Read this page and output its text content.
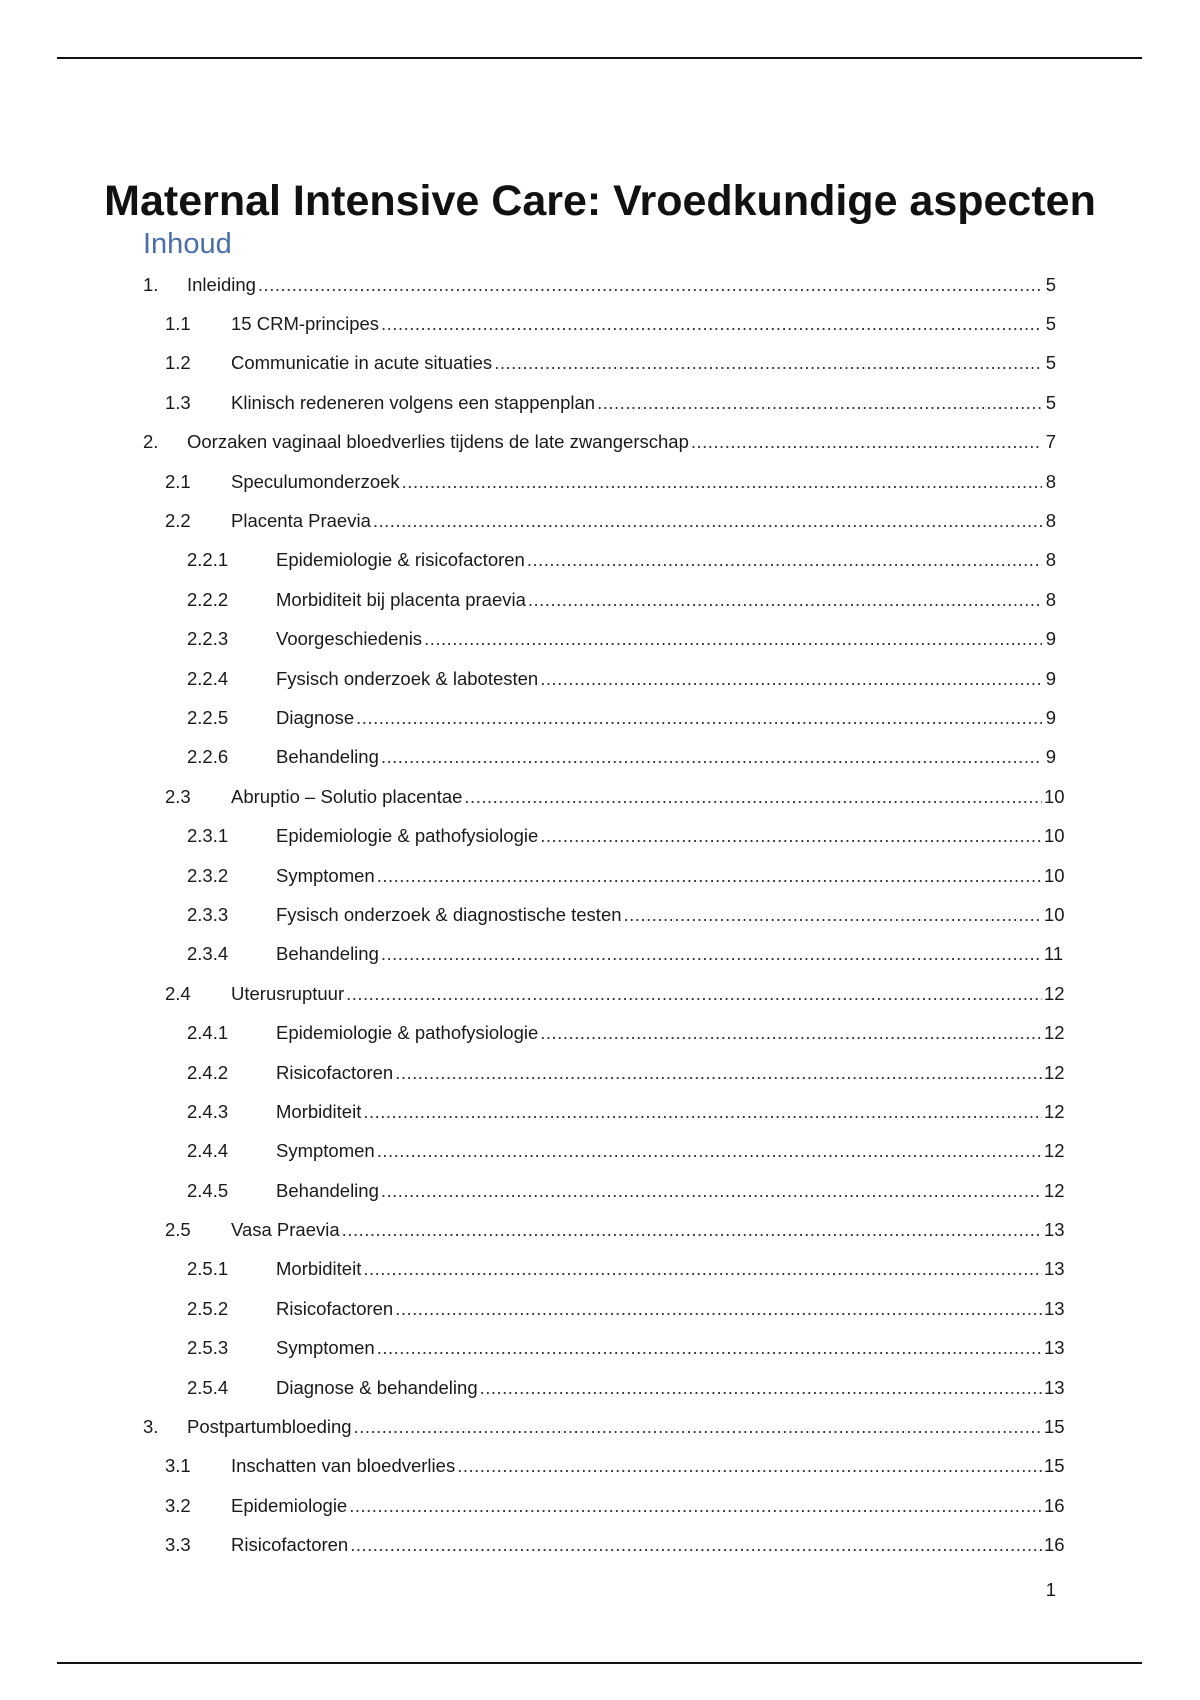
Maternal Intensive Care: Vroedkundige aspecten
Inhoud
1. Inleiding .....	5
1.1 15 CRM-principes .....	5
1.2 Communicatie in acute situaties .....	5
1.3 Klinisch redeneren volgens een stappenplan .....	5
2. Oorzaken vaginaal bloedverlies tijdens de late zwangerschap .....	7
2.1 Speculumonderzoek .....	8
2.2 Placenta Praevia .....	8
2.2.1	Epidemiologie & risicofactoren .....	8
2.2.2	Morbiditeit bij placenta praevia .....	8
2.2.3	Voorgeschiedenis .....	9
2.2.4	Fysisch onderzoek & labotesten .....	9
2.2.5	Diagnose .....	9
2.2.6	Behandeling .....	9
2.3 Abruptio – Solutio placentae .....	10
2.3.1	Epidemiologie & pathofysiologie .....	10
2.3.2	Symptomen .....	10
2.3.3	Fysisch onderzoek & diagnostische testen .....	10
2.3.4	Behandeling .....	11
2.4 Uterusruptuur .....	12
2.4.1	Epidemiologie & pathofysiologie .....	12
2.4.2	Risicofactoren .....	12
2.4.3	Morbiditeit .....	12
2.4.4	Symptomen .....	12
2.4.5	Behandeling .....	12
2.5 Vasa Praevia .....	13
2.5.1	Morbiditeit .....	13
2.5.2	Risicofactoren .....	13
2.5.3	Symptomen .....	13
2.5.4	Diagnose & behandeling .....	13
3. Postpartumbloeding .....	15
3.1 Inschatten van bloedverlies .....	15
3.2 Epidemiologie .....	16
3.3 Risicofactoren .....	16
1
